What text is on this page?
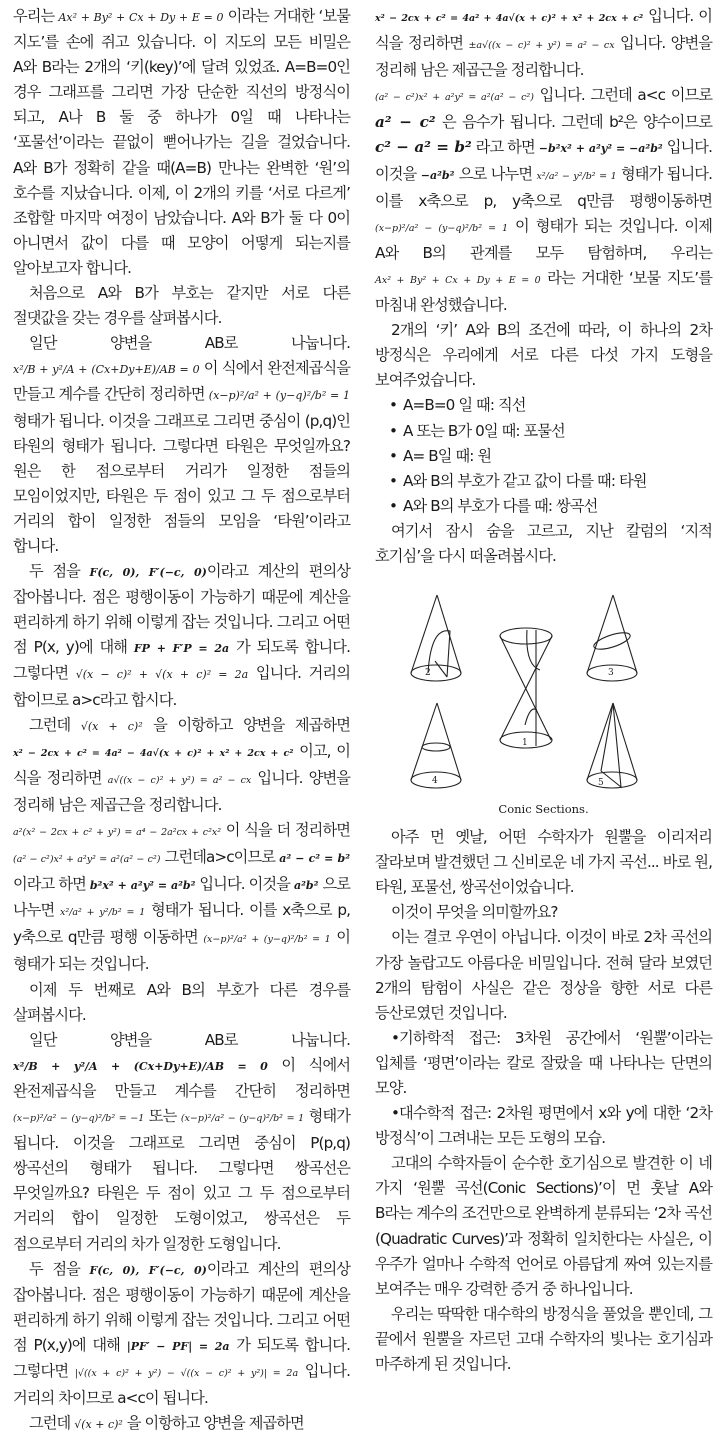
우리는 Ax² + By² + Cx + Dy + E = 0 이라는 거대한 ‘보물 지도’를 손에 쥐고 있습니다. 이 지도의 모든 비밀은 A와 B라는 2개의 ‘키(key)’에 달려 있었죠. A=B=0인 경우 그래프를 그리면 가장 단순한 직선의 방정식이 되고, A나 B 둘 중 하나가 0일 때 나타나는 ‘포물선’이라는 끝없이 뻗어나가는 길을 걸었습니다. A와 B가 정확히 같을 때(A=B) 만나는 완벽한 ‘원’의 호수를 지났습니다. 이제, 이 2개의 키를 ‘서로 다르게’ 조합할 마지막 여정이 남았습니다. A와 B가 둘 다 0이 아니면서 값이 다를 때 모양이 어떻게 되는지를 알아보고자 합니다.

처음으로 A와 B가 부호는 같지만 서로 다른 절댓값을 갖는 경우를 살펴봅시다.

일단 양변을 AB로 나눕니다. x²/B + y²/A + (Cx+Dy+E)/AB = 0 이 식에서 완전제곱식을 만들고 계수를 간단히 정리하면 (x−p)²/a² + (y−q)²/b² = 1 형태가 됩니다. 이것을 그래프로 그리면 중심이 (p,q)인 타원의 형태가 됩니다. 그렇다면 타원은 무엇일까요? 원은 한 점으로부터 거리가 일정한 점들의 모임이었지만, 타원은 두 점이 있고 그 두 점으로부터 거리의 합이 일정한 점들의 모임을 ‘타원’이라고 합니다.

두 점을 F(c, 0), F′(−c, 0)이라고 계산의 편의상 잡아봅니다. 점은 평행이동이 가능하기 때문에 계산을 편리하게 하기 위해 이렇게 잡는 것입니다. 그리고 어떤 점 P(x, y)에 대해 FP + F′P = 2a 가 되도록 합니다. 그렇다면 √(x − c)² + √(x + c)² = 2a 입니다. 거리의 합이므로 a>c라고 합시다.

그런데 √(x + c)² 을 이항하고 양변을 제곱하면 x² − 2cx + c² = 4a² − 4a√(x + c)² + x² + 2cx + c² 이고, 이 식을 정리하면 a√((x − c)² + y²) = a² − cx 입니다. 양변을 정리해 남은 제곱근을 정리합니다.

a²(x² − 2cx + c² + y²) = a⁴ − 2a²cx + c²x² 이 식을 더 정리하면 (a² − c²)x² + a²y² = a²(a² − c²) 그런데a>c이므로 a² − c² = b² 이라고 하면 b²x² + a²y² = a²b² 입니다. 이것을 a²b² 으로 나누면 x²/a² + y²/b² = 1 형태가 됩니다. 이를 x축으로 p, y축으로 q만큼 평행 이동하면 (x−p)²/a² + (y−q)²/b² = 1 이 형태가 되는 것입니다.

이제 두 번째로 A와 B의 부호가 다른 경우를 살펴봅시다.

일단 양변을 AB로 나눕니다. x²/B + y²/A + (Cx+Dy+E)/AB = 0 이 식에서 완전제곱식을 만들고 계수를 간단히 정리하면 (x−p)²/a² − (y−q)²/b² = −1 또는 (x−p)²/a² − (y−q)²/b² = 1 형태가 됩니다. 이것을 그래프로 그리면 중심이 P(p,q) 쌍곡선의 형태가 됩니다. 그렇다면 쌍곡선은 무엇일까요? 타원은 두 점이 있고 그 두 점으로부터 거리의 합이 일정한 도형이었고, 쌍곡선은 두 점으로부터 거리의 차가 일정한 도형입니다.

두 점을 F(c, 0), F′(−c, 0)이라고 계산의 편의상 잡아봅니다. 점은 평행이동이 가능하기 때문에 계산을 편리하게 하기 위해 이렇게 잡는 것입니다. 그리고 어떤 점 P(x,y)에 대해 |PF′ − PF| = 2a 가 되도록 합니다. 그렇다면 |√((x + c)² + y²) − √((x − c)² + y²)| = 2a 입니다. 거리의 차이므로 a<c이 됩니다.

그런데 √(x + c)² 을 이항하고 양변을 제곱하면

x² − 2cx + c² = 4a² + 4a√(x + c)² + x² + 2cx + c² 입니다. 이 식을 정리하면 ±a√((x − c)² + y²) = a² − cx 입니다. 양변을 정리해 남은 제곱근을 정리합니다.

(a² − c²)x² + a²y² = a²(a² − c²) 입니다. 그런데 a<c 이므로 a² − c² 은 음수가 됩니다. 그런데 b²은 양수이므로 c² − a² = b² 라고 하면 −b²x² + a²y² = −a²b² 입니다. 이것을 −a²b² 으로 나누면 x²/a² − y²/b² = 1 형태가 됩니다. 이를 x축으로 p, y축으로 q만큼 평행이동하면 (x−p)²/a² − (y−q)²/b² = 1 이 형태가 되는 것입니다. 이제 A와 B의 관계를 모두 탐험하며, 우리는 Ax² + By² + Cx + Dy + E = 0 라는 거대한 ‘보물 지도’를 마침내 완성했습니다.

2개의 ‘키’ A와 B의 조건에 따라, 이 하나의 2차 방정식은 우리에게 서로 다른 다섯 가지 도형을 보여주었습니다.

• A=B=0 일 때: 직선
• A 또는 B가 0일 때: 포물선
• A= B일 때: 원
• A와 B의 부호가 같고 값이 다를 때: 타원
• A와 B의 부호가 다를 때: 쌍곡선

여기서 잠시 숨을 고르고, 지난 칼럼의 ‘지적 호기심’을 다시 떠올려봅시다.

2
1
3
4	5
Conic Sections.

아주 먼 옛날, 어떤 수학자가 원뿔을 이리저리 잘라보며 발견했던 그 신비로운 네 가지 곡선... 바로 원, 타원, 포물선, 쌍곡선이었습니다.

이것이 무엇을 의미할까요?

이는 결코 우연이 아닙니다. 이것이 바로 2차 곡선의 가장 놀랍고도 아름다운 비밀입니다. 전혀 달라 보였던 2개의 탐험이 사실은 같은 정상을 향한 서로 다른 등산로였던 것입니다.

•기하학적 접근: 3차원 공간에서 ‘원뿔’이라는 입체를 ‘평면’이라는 칼로 잘랐을 때 나타나는 단면의 모양.

•대수학적 접근: 2차원 평면에서 x와 y에 대한 ‘2차 방정식’이 그려내는 모든 도형의 모습.

고대의 수학자들이 순수한 호기심으로 발견한 이 네 가지 ‘원뿔 곡선(Conic Sections)’이 먼 훗날 A와 B라는 계수의 조건만으로 완벽하게 분류되는 ‘2차 곡선(Quadratic Curves)’과 정확히 일치한다는 사실은, 이 우주가 얼마나 수학적 언어로 아름답게 짜여 있는지를 보여주는 매우 강력한 증거 중 하나입니다.

우리는 딱딱한 대수학의 방정식을 풀었을 뿐인데, 그 끝에서 원뿔을 자르던 고대 수학자의 빛나는 호기심과 마주하게 된 것입니다.
